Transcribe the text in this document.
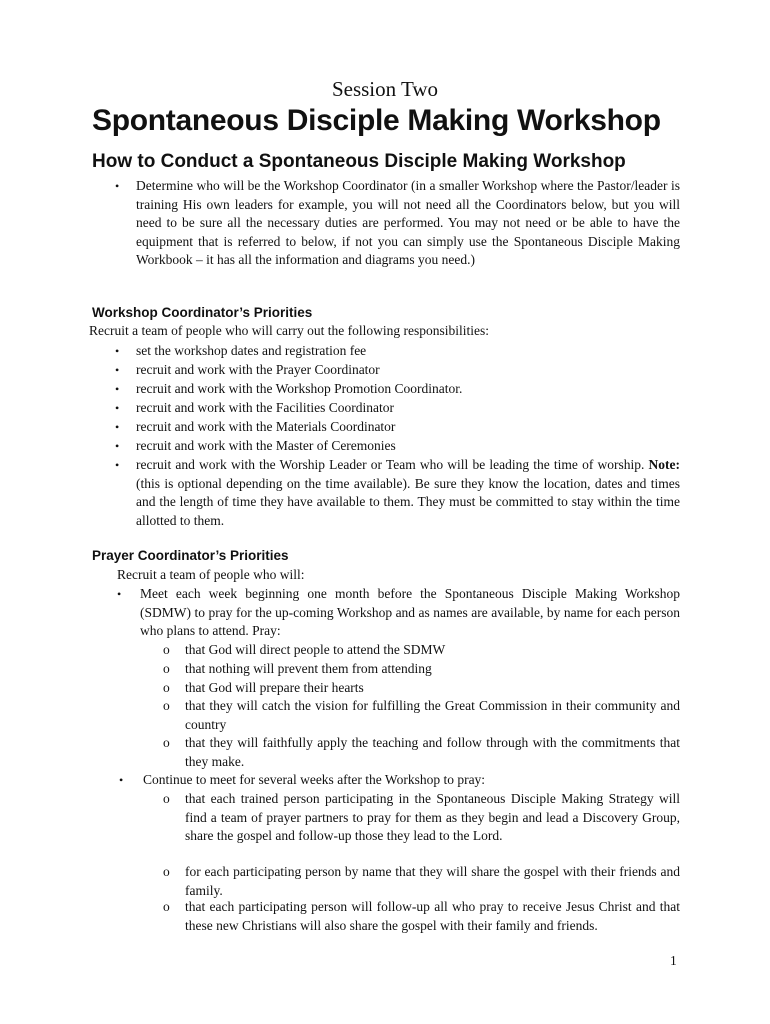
Session Two
Spontaneous Disciple Making Workshop
How to Conduct a Spontaneous Disciple Making Workshop
• Determine who will be the Workshop Coordinator (in a smaller Workshop where the Pastor/leader is training His own leaders for example, you will not need all the Coordinators below, but you will need to be sure all the necessary duties are performed. You may not need or be able to have the equipment that is referred to below, if not you can simply use the Spontaneous Disciple Making Workbook – it has all the information and diagrams you need.)
Workshop Coordinator’s Priorities
Recruit a team of people who will carry out the following responsibilities:
• set the workshop dates and registration fee
• recruit and work with the Prayer Coordinator
• recruit and work with the Workshop Promotion Coordinator.
• recruit and work with the Facilities Coordinator
• recruit and work with the Materials Coordinator
• recruit and work with the Master of Ceremonies
• recruit and work with the Worship Leader or Team who will be leading the time of worship. Note: (this is optional depending on the time available). Be sure they know the location, dates and times and the length of time they have available to them. They must be committed to stay within the time allotted to them.
Prayer Coordinator’s Priorities
Recruit a team of people who will:
• Meet each week beginning one month before the Spontaneous Disciple Making Workshop (SDMW) to pray for the up-coming Workshop and as names are available, by name for each person who plans to attend. Pray:
o that God will direct people to attend the SDMW
o that nothing will prevent them from attending
o that God will prepare their hearts
o that they will catch the vision for fulfilling the Great Commission in their community and country
o that they will faithfully apply the teaching and follow through with the commitments that they make.
• Continue to meet for several weeks after the Workshop to pray:
o that each trained person participating in the Spontaneous Disciple Making Strategy will find a team of prayer partners to pray for them as they begin and lead a Discovery Group, share the gospel and follow-up those they lead to the Lord.
o for each participating person by name that they will share the gospel with their friends and family.
o that each participating person will follow-up all who pray to receive Jesus Christ and that these new Christians will also share the gospel with their family and friends.
1
